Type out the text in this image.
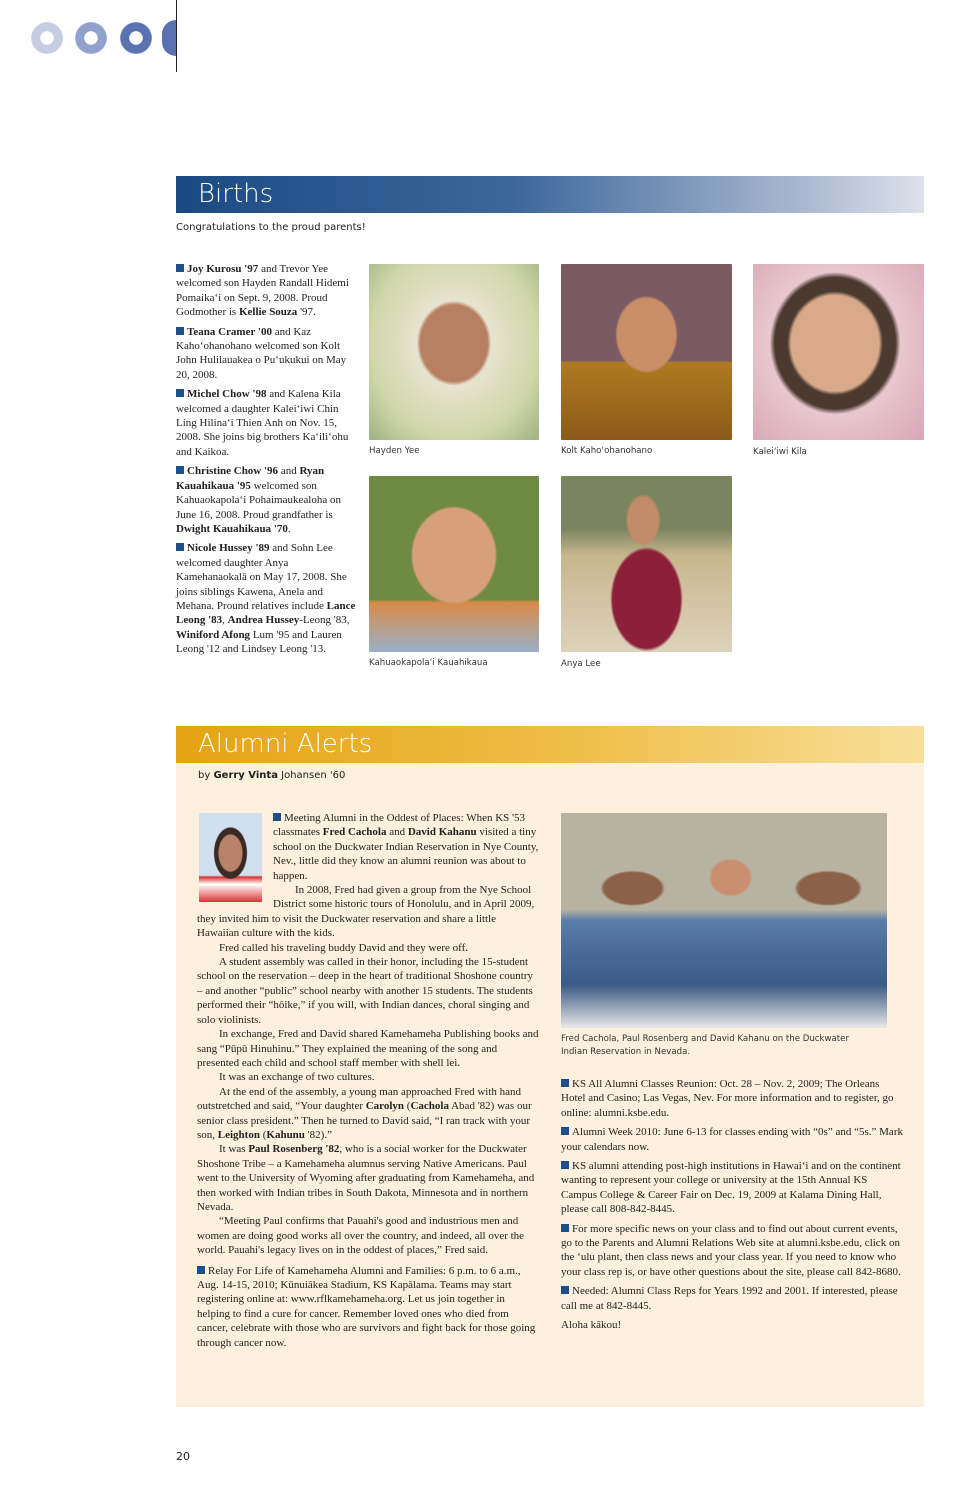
Births
Congratulations to the proud parents!

Joy Kurosu '97 and Trevor Yee welcomed son Hayden Randall Hidemi Pomaika‘i on Sept. 9, 2008. Proud Godmother is Kellie Souza '97.

Teana Cramer '00 and Kaz Kaho‘ohanohano welcomed son Kolt John Hulilauakea o Pu‘ukukui on May 20, 2008.

Michel Chow '98 and Kalena Kila welcomed a daughter Kalei‘iwi Chin Ling Hilina‘i Thien Anh on Nov. 15, 2008. She joins big brothers Ka‘ili‘ohu and Kaikoa.

Christine Chow '96 and Ryan Kauahikaua '95 welcomed son Kahuaokapola‘i Pohaimaukealoha on June 16, 2008. Proud grandfather is Dwight Kauahikaua '70.

Nicole Hussey '89 and Sohn Lee welcomed daughter Anya Kamehanaokalā on May 17, 2008. She joins siblings Kawena, Anela and Mehana. Pround relatives include Lance Leong '83, Andrea Hussey-Leong '83, Winiford Afong Lum '95 and Lauren Leong '12 and Lindsey Leong '13.

Hayden Yee	Kolt Kaho‘ohanohano	Kalei‘iwi Kila
Kahuaokapola‘i Kauahikaua	Anya Lee
Alumni Alerts
by Gerry Vinta Johansen '60

Meeting Alumni in the Oddest of Places: When KS '53 classmates Fred Cachola and David Kahanu visited a tiny school on the Duckwater Indian Reservation in Nye County, Nev., little did they know an alumni reunion was about to happen.

In 2008, Fred had given a group from the Nye School District some historic tours of Honolulu, and in April 2009, they invited him to visit the Duckwater reservation and share a little Hawaiian culture with the kids.

Fred called his traveling buddy David and they were off.

A student assembly was called in their honor, including the 15-student school on the reservation – deep in the heart of traditional Shoshone country – and another “public” school nearby with another 15 students. The students performed their “hōike,” if you will, with Indian dances, choral singing and solo violinists.

In exchange, Fred and David shared Kamehameha Publishing books and sang “Pūpū Hinuhinu.” They explained the meaning of the song and presented each child and school staff member with shell lei.

It was an exchange of two cultures.

At the end of the assembly, a young man approached Fred with hand outstretched and said, “Your daughter Carolyn (Cachola Abad '82) was our senior class president.” Then he turned to David said, “I ran track with your son, Leighton (Kahunu '82).”

It was Paul Rosenberg '82, who is a social worker for the Duckwater Shoshone Tribe – a Kamehameha alumnus serving Native Americans. Paul went to the University of Wyoming after graduating from Kamehameha, and then worked with Indian tribes in South Dakota, Minnesota and in northern Nevada.

“Meeting Paul confirms that Pauahi's good and industrious men and women are doing good works all over the country, and indeed, all over the world. Pauahi's legacy lives on in the oddest of places,” Fred said.

Relay For Life of Kamehameha Alumni and Families: 6 p.m. to 6 a.m., Aug. 14-15, 2010; Kūnuiākea Stadium, KS Kapālama. Teams may start registering online at: www.rflkamehameha.org. Let us join together in helping to find a cure for cancer. Remember loved ones who died from cancer, celebrate with those who are survivors and fight back for those going through cancer now.

Fred Cachola, Paul Rosenberg and David Kahanu on the Duckwater Indian Reservation in Nevada.

KS All Alumni Classes Reunion: Oct. 28 – Nov. 2, 2009; The Orleans Hotel and Casino; Las Vegas, Nev. For more information and to register, go online: alumni.ksbe.edu.

Alumni Week 2010: June 6-13 for classes ending with “0s” and “5s.” Mark your calendars now.

KS alumni attending post-high institutions in Hawai‘i and on the continent wanting to represent your college or university at the 15th Annual KS Campus College & Career Fair on Dec. 19, 2009 at Kalama Dining Hall, please call 808-842-8445.

For more specific news on your class and to find out about current events, go to the Parents and Alumni Relations Web site at alumni.ksbe.edu, click on the ‘ulu plant, then class news and your class year. If you need to know who your class rep is, or have other questions about the site, please call 842-8680.

Needed: Alumni Class Reps for Years 1992 and 2001. If interested, please call me at 842-8445.

Aloha kākou!

20
